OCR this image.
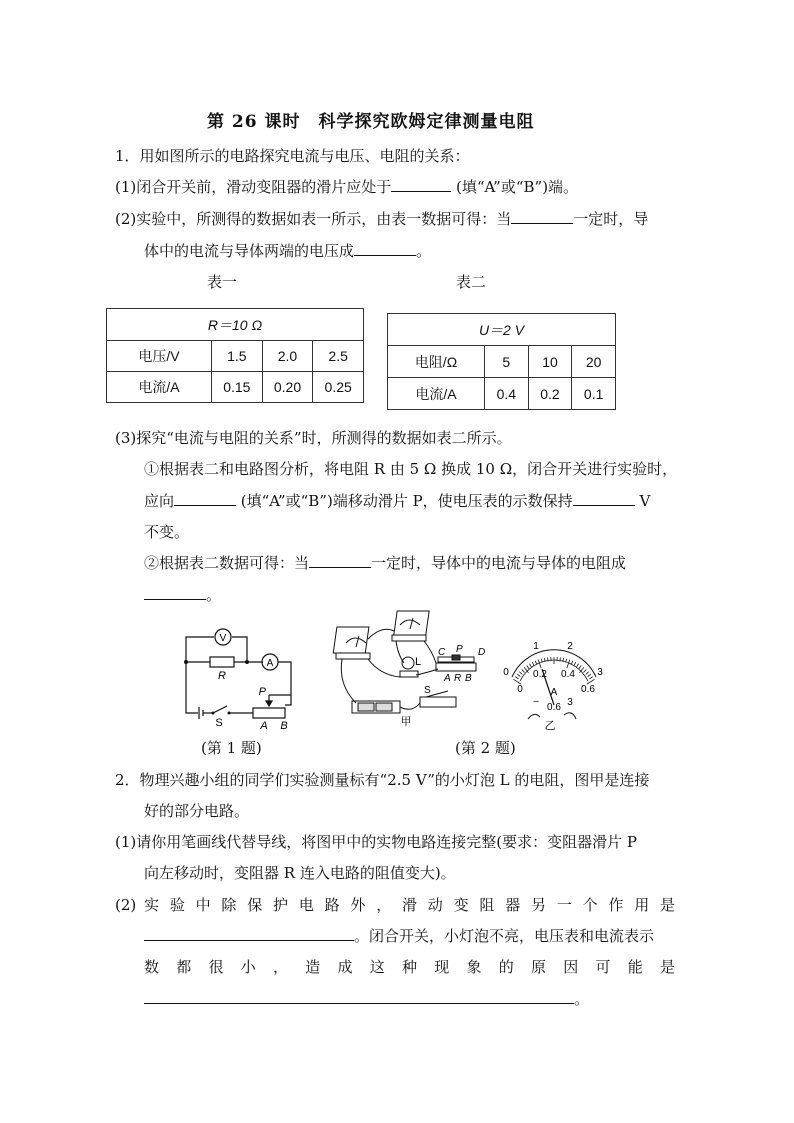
第 26 课时　科学探究欧姆定律测量电阻
1．用如图所示的电路探究电流与电压、电阻的关系：
(1)闭合开关前，滑动变阻器的滑片应处于	(填“A”或“B”)端。
(2)实验中，所测得的数据如表一所示，由表一数据可得：当	一定时，导
体中的电流与导体两端的电压成	。
表一	表二
R＝10 Ω			
电压/V	1.5	2.0	2.5
电流/A	0.15	0.20	0.25
U＝2 V			
电阻/Ω	5	10	20
电流/A	0.4	0.2	0.1
(3)探究“电流与电阻的关系”时，所测得的数据如表二所示。
①根据表二和电路图分析，将电阻 R 由 5 Ω 换成 10 Ω，闭合开关进行实验时，
应向	(填“A”或“B”)端移动滑片 P，使电压表的示数保持	V
不变。
②根据表二数据可得：当	一定时，导体中的电流与导体的电阻成
。
V
A
R
S
P
A B
(第 1 题)
L
C P D
A R B
S
甲
0
1	2
3
0
0.2 0.4
0.6
A
− 0.6 3
乙
(第 2 题)
2．物理兴趣小组的同学们实验测量标有“2.5 V”的小灯泡 L 的电阻，图甲是连接
好的部分电路。
(1)请你用笔画线代替导线，将图甲中的实物电路连接完整(要求：变阻器滑片 P
向左移动时，变阻器 R 连入电路的阻值变大)。
(2) 实 验 中 除 保 护 电 路 外 ， 滑 动 变 阻 器 另 一 个 作 用 是
。闭合开关，小灯泡不亮，电压表和电流表示
数 都 很 小 ， 造 成 这 种 现 象 的 原 因 可 能 是
。
